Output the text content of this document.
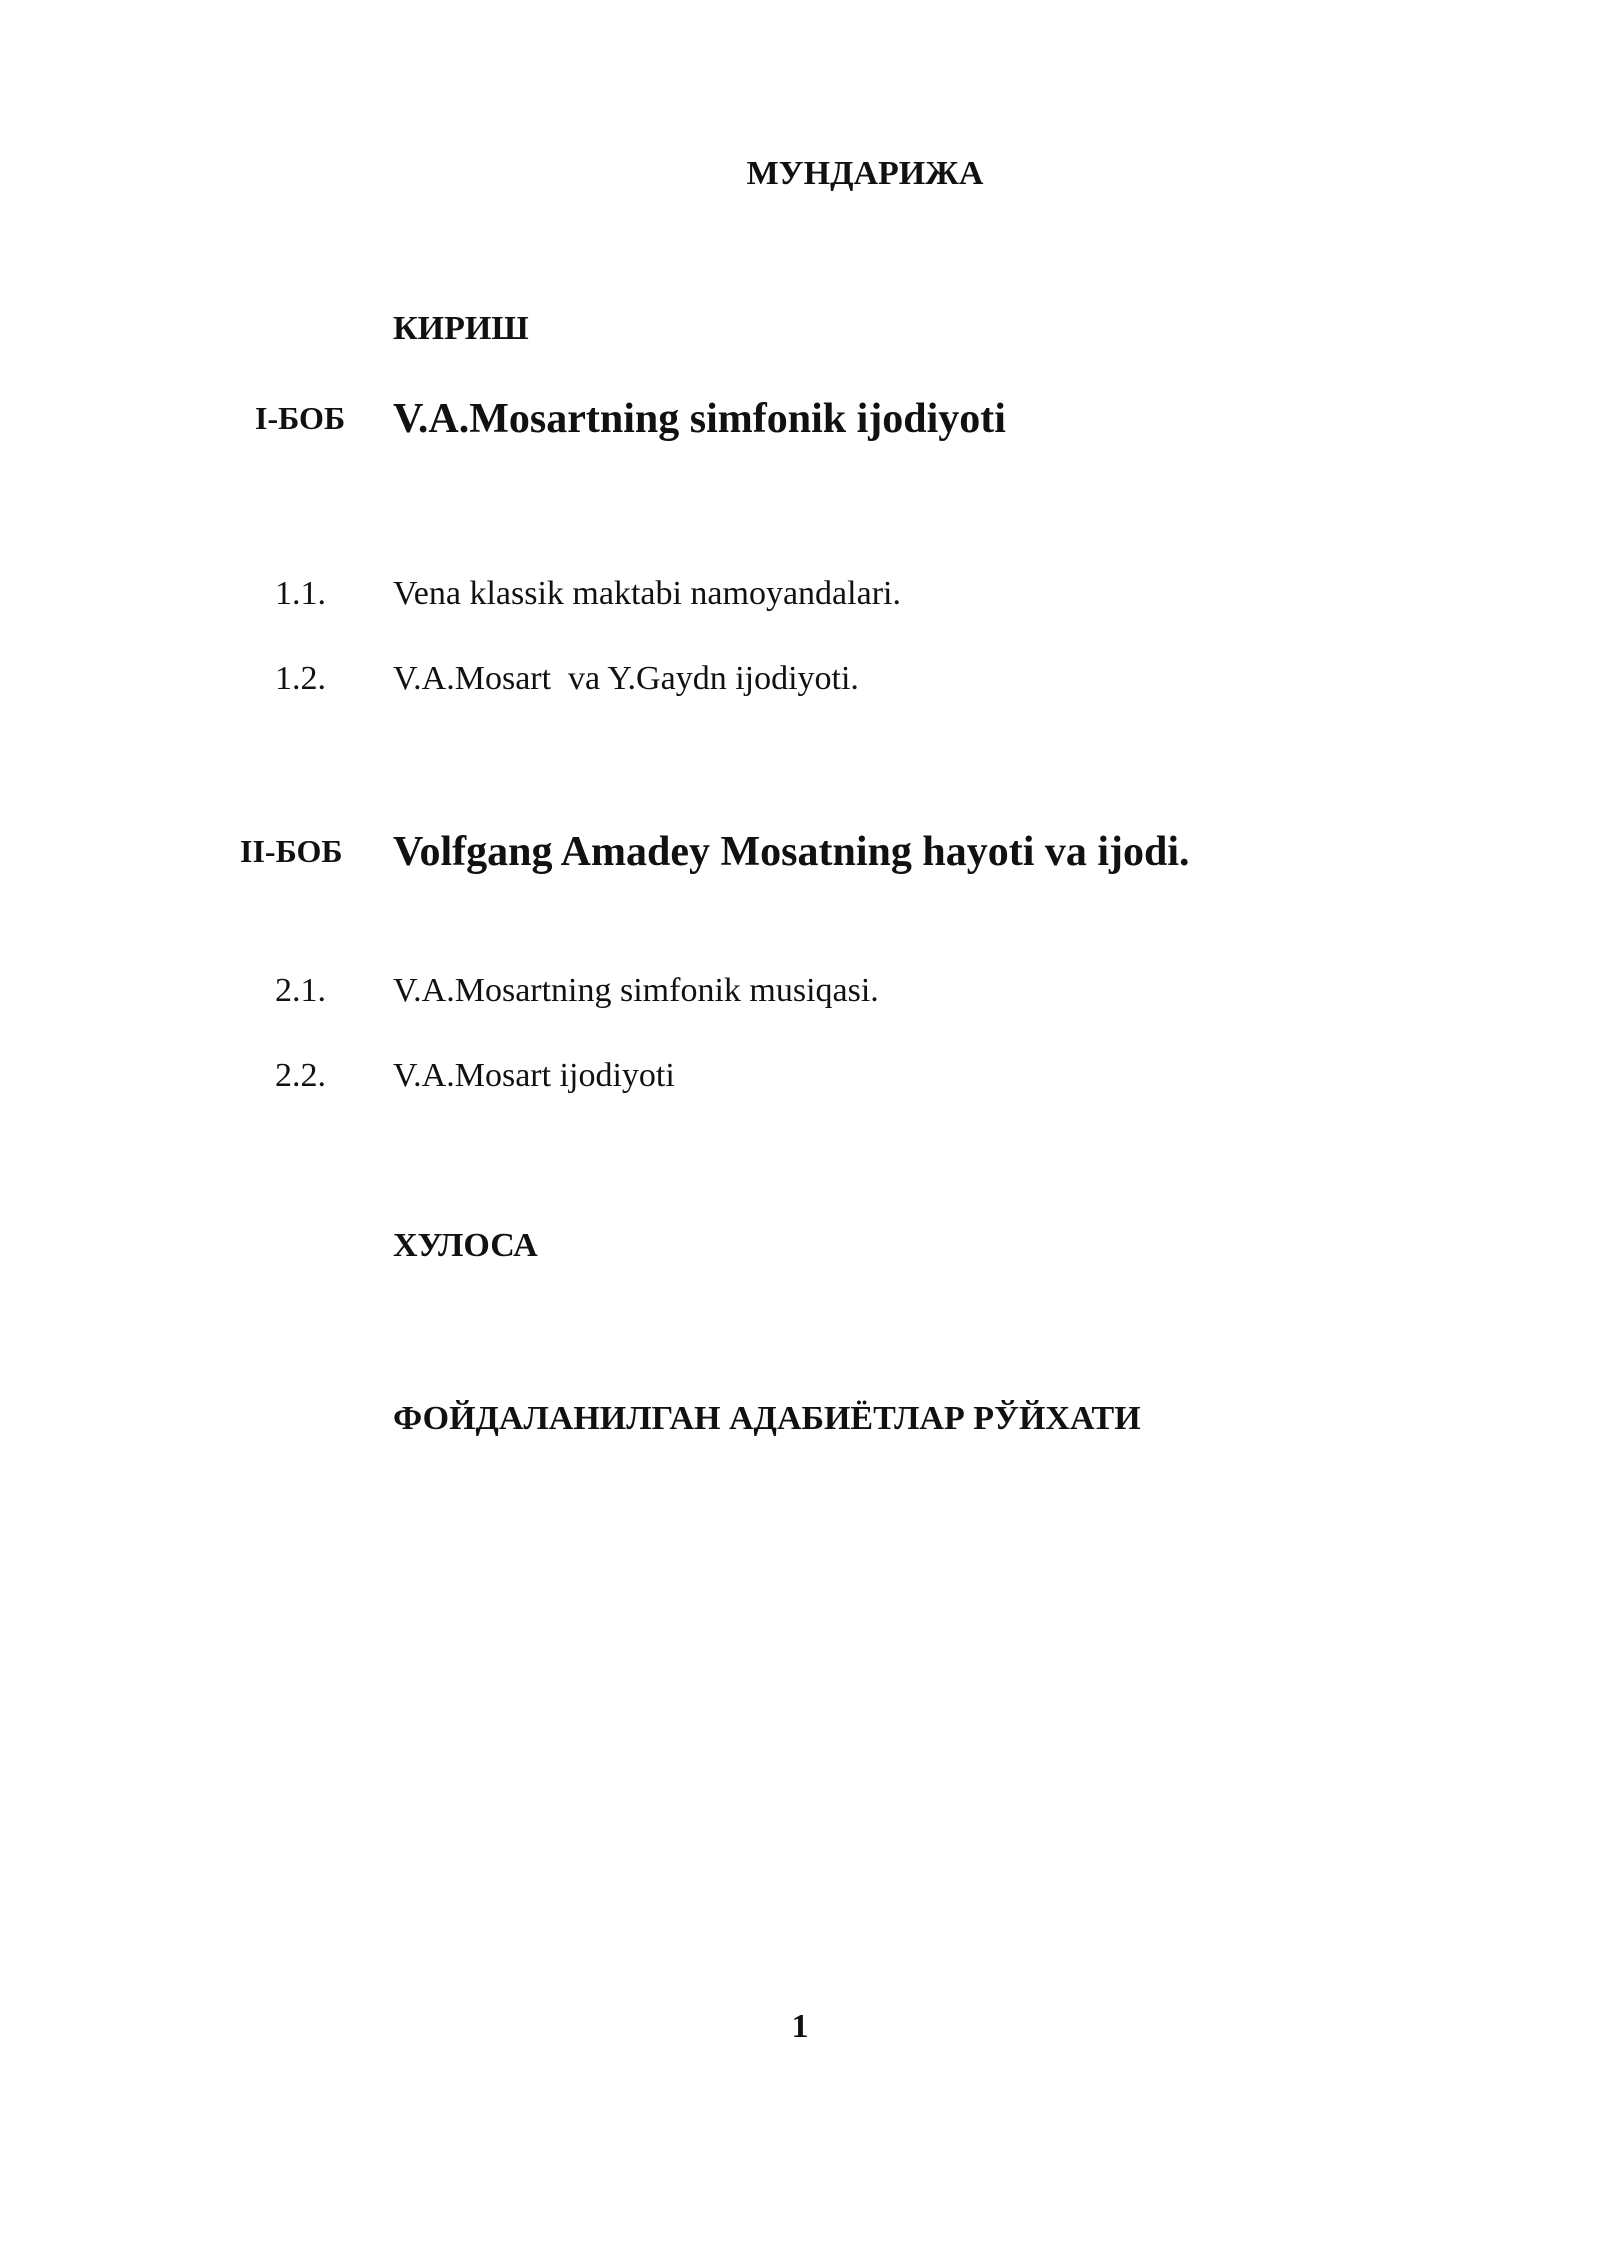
МУНДАРИЖА
КИРИШ
I-БОБ V.A.Mosartning simfonik ijodiyoti
1.1. Vena klassik maktabi namoyandalari.
1.2. V.A.Mosart  va Y.Gaydn ijodiyoti.
II-БОБ Volfgang Amadey Mosatning hayoti va ijodi.
2.1. V.A.Mosartning simfonik musiqasi.
2.2. V.A.Mosart ijodiyoti
ХУЛОСА
ФОЙДАЛАНИЛГАН АДАБИЁТЛАР РЎЙХАТИ
1
